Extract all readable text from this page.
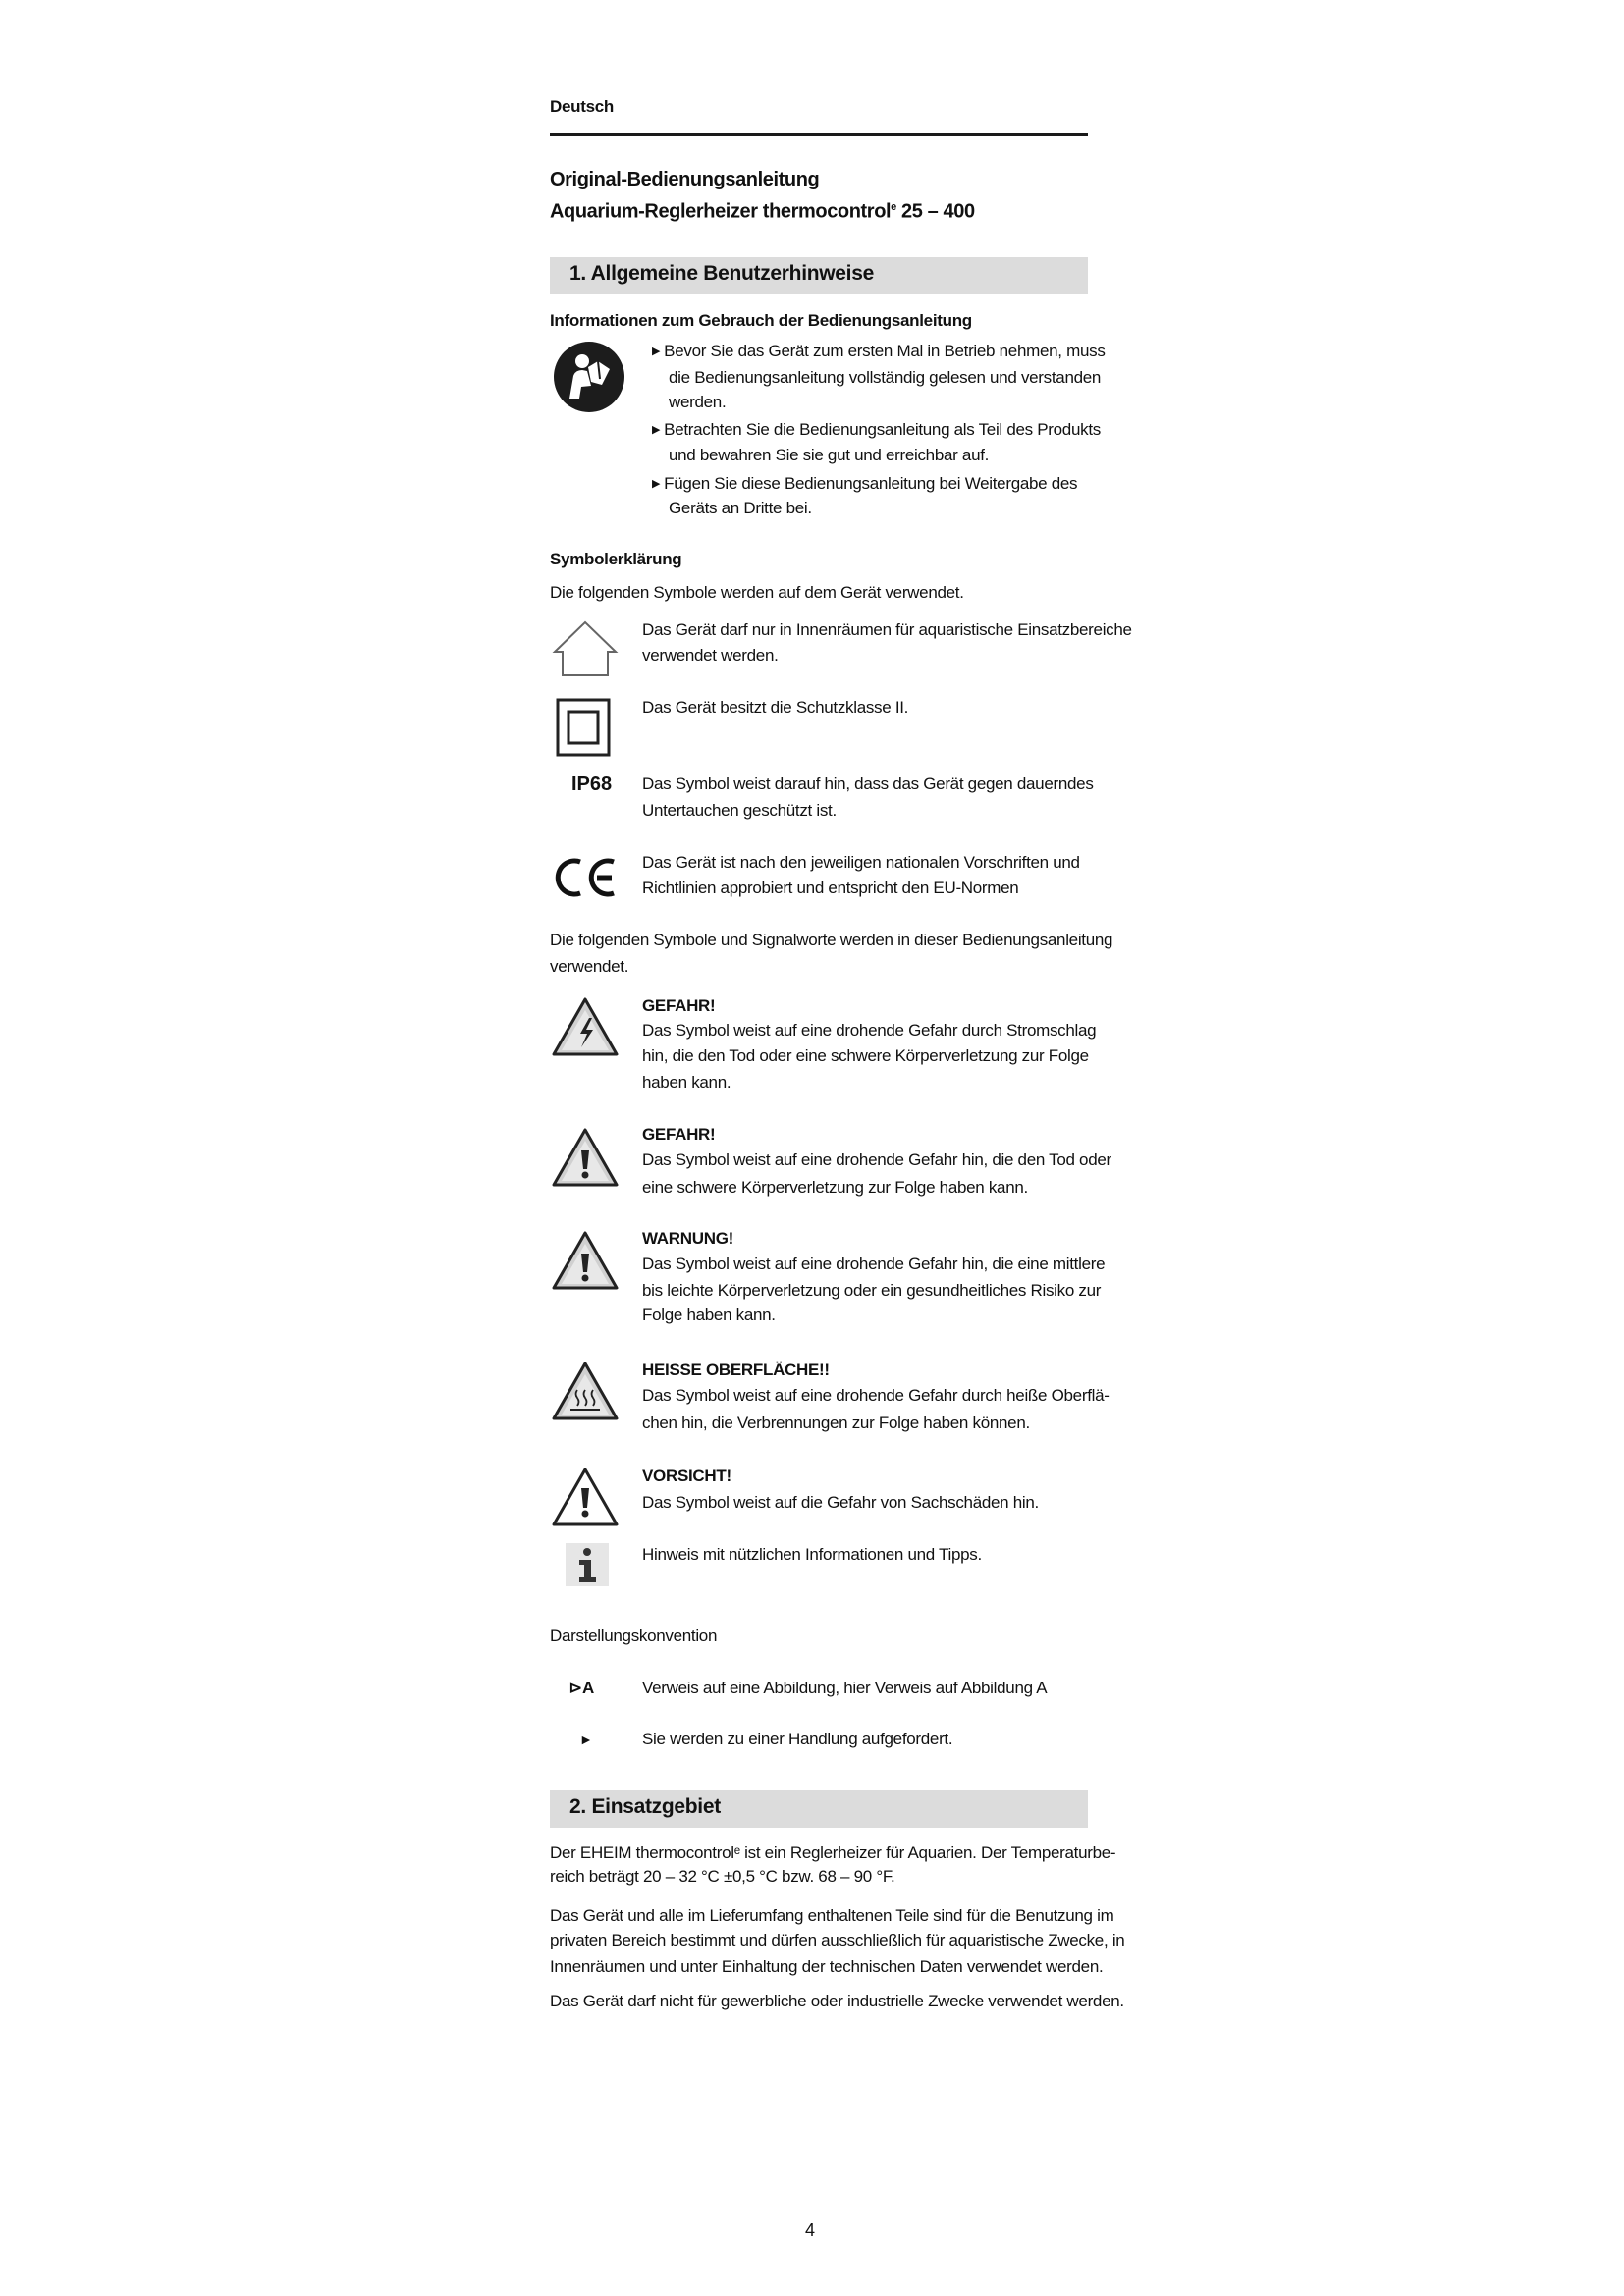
Deutsch
Original-Bedienungsanleitung
Aquarium-Reglerheizer thermocontrol$^e$ 25 – 400
1. Allgemeine Benutzerhinweise
Informationen zum Gebrauch der Bedienungsanleitung
▶ Bevor Sie das Gerät zum ersten Mal in Betrieb nehmen, muss
die Bedienungsanleitung vollständig gelesen und verstanden
werden.
▶ Betrachten Sie die Bedienungsanleitung als Teil des Produkts
und bewahren Sie sie gut und erreichbar auf.
▶ Fügen Sie diese Bedienungsanleitung bei Weitergabe des
Geräts an Dritte bei.
Symbolerklärung
Die folgenden Symbole werden auf dem Gerät verwendet.
Das Gerät darf nur in Innenräumen für aquaristische Einsatzbereiche
verwendet werden.
Das Gerät besitzt die Schutzklasse II.
IP68 Das Symbol weist darauf hin, dass das Gerät gegen dauerndes
Untertauchen geschützt ist.
Das Gerät ist nach den jeweiligen nationalen Vorschriften und
Richtlinien approbiert und entspricht den EU-Normen
Die folgenden Symbole und Signalworte werden in dieser Bedienungsanleitung
verwendet.
GEFAHR!
Das Symbol weist auf eine drohende Gefahr durch Stromschlag
hin, die den Tod oder eine schwere Körperverletzung zur Folge
haben kann.
GEFAHR!
Das Symbol weist auf eine drohende Gefahr hin, die den Tod oder
eine schwere Körperverletzung zur Folge haben kann.
WARNUNG!
Das Symbol weist auf eine drohende Gefahr hin, die eine mittlere
bis leichte Körperverletzung oder ein gesundheitliches Risiko zur
Folge haben kann.
HEISSE OBERFLÄCHE!!
Das Symbol weist auf eine drohende Gefahr durch heiße Oberflä-
chen hin, die Verbrennungen zur Folge haben können.
VORSICHT!
Das Symbol weist auf die Gefahr von Sachschäden hin.
Hinweis mit nützlichen Informationen und Tipps.
Darstellungskonvention
⊳A	Verweis auf eine Abbildung, hier Verweis auf Abbildung A
►	Sie werden zu einer Handlung aufgefordert.
2. Einsatzgebiet
Der EHEIM thermocontrolᵉ ist ein Reglerheizer für Aquarien. Der Temperaturbe-
reich beträgt 20 – 32 °C ±0,5 °C bzw. 68 – 90 °F.
Das Gerät und alle im Lieferumfang enthaltenen Teile sind für die Benutzung im
privaten Bereich bestimmt und dürfen ausschließlich für aquaristische Zwecke, in
Innenräumen und unter Einhaltung der technischen Daten verwendet werden.
Das Gerät darf nicht für gewerbliche oder industrielle Zwecke verwendet werden.
4
